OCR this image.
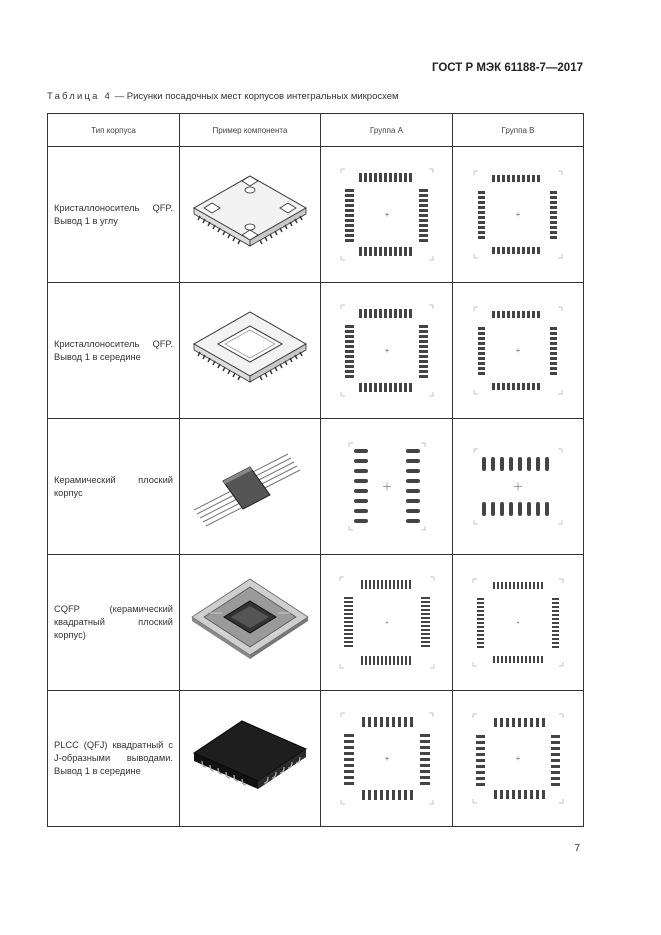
ГОСТ Р МЭК 61188-7—2017
Таблица 4 — Рисунки посадочных мест корпусов интегральных микросхем
Тип корпуса	Пример компонента	Группа А	Группа В
Кристаллоноситель QFP. Вывод 1 в углу	

Кристаллоноситель QFP. Вывод 1 в середине	

Керамический плоский корпус	

CQFP (керамический квадратный плоский корпус)	

PLCC (QFJ) квадратный с J-образными выводами. Вывод 1 в середине	

7
